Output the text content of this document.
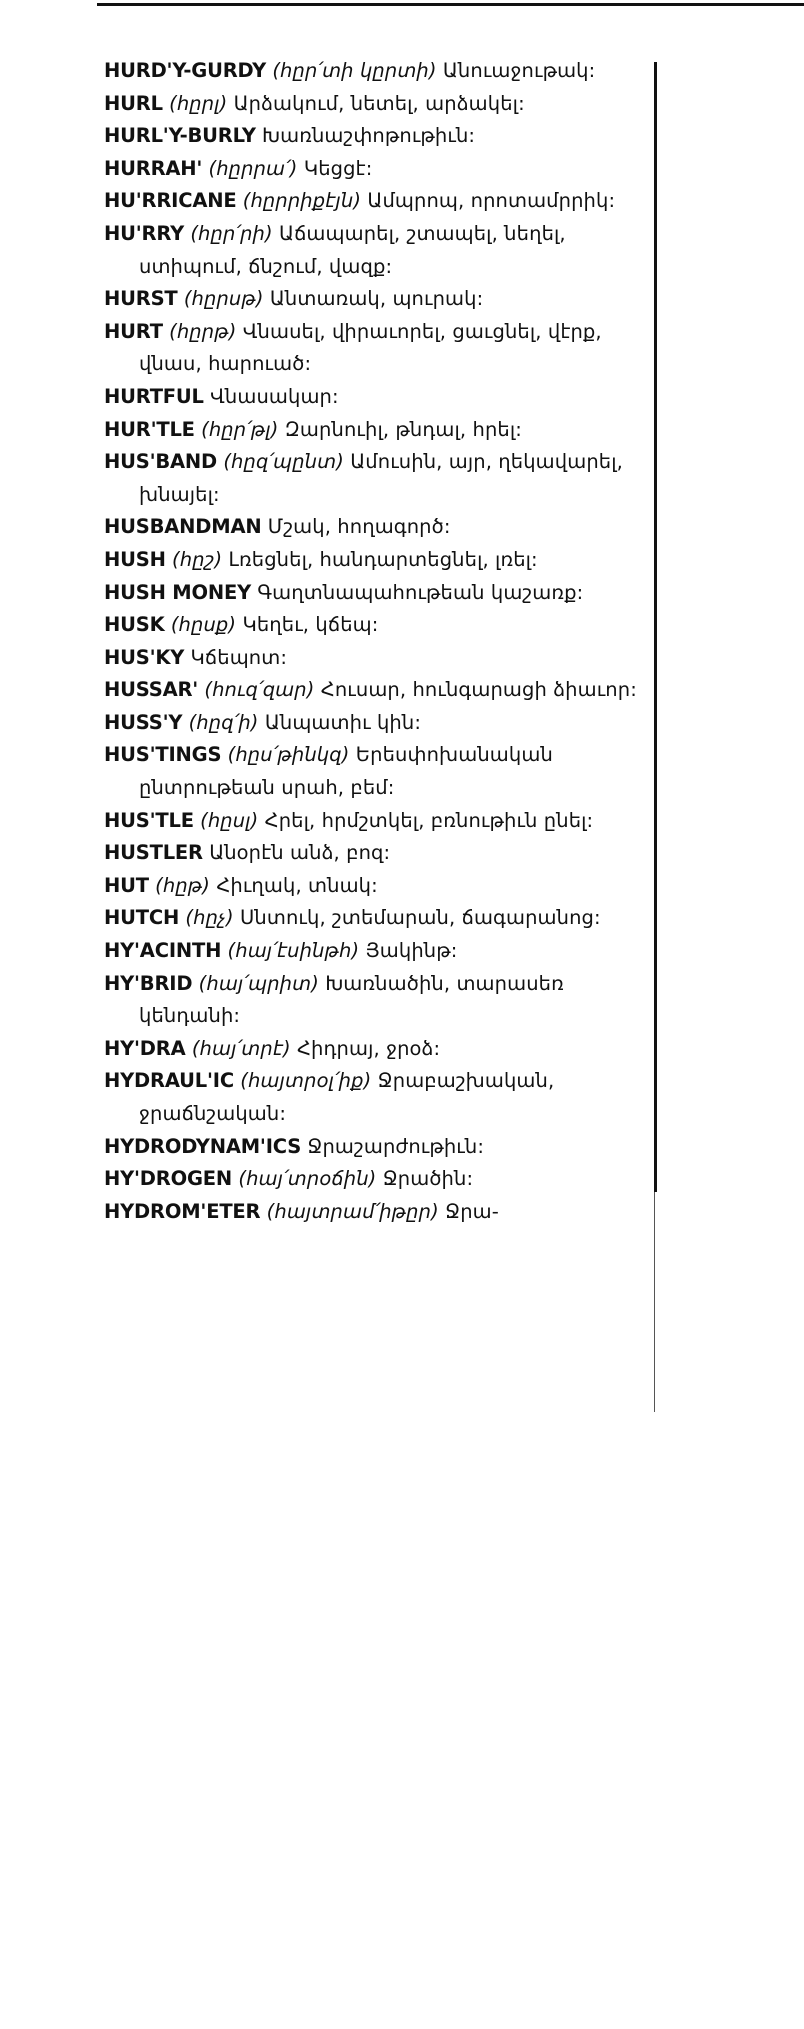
HURD'Y-GURDY (հըր՛տի կըրտի) Անուաջութակ:
HURL (հըրլ) Արձակում, նետել, արձակել:
HURL'Y-BURLY Խառնաշփոթութիւն:
HURRAH' (հըրրա՛) Կեցցէ:
HU'RRICANE (հըրրիքէյն) Ամպրոպ, որոտամրրիկ:
HU'RRY (հըր՛րի) Աճապարել, շտապել, նեղել, ստիպում, ճնշում, վազք:
HURST (հըրսթ) Անտառակ, պուրակ:
HURT (հըրթ) Վնասել, վիրաւորել, ցաւցնել, վէրք, վնաս, հարուած:
HURTFUL Վնասակար:
HUR'TLE (հըր՛թլ) Զարնուիլ, թնդալ, հրել:
HUS'BAND (հըզ՛պընտ) Ամուսին, այր, ղեկավարել, խնայել:
HUSBANDMAN Մշակ, հողագործ:
HUSH (հըշ) Լռեցնել, հանդարտեցնել, լռել:
HUSH MONEY Գաղտնապահութեան կաշառք:
HUSK (հըսք) Կեղեւ, կճեպ:
HUS'KY Կճեպոտ:
HUSSAR' (հուզ՛զար) Հուսար, հունգարացի ձիաւոր:
HUSS'Y (հըզ՛ի) Անպատիւ կին:
HUS'TINGS (հըս՛թինկզ) Երեսփոխանական ընտրութեան սրահ, բեմ:
HUS'TLE (հըսլ) Հրել, հրմշտկել, բռնութիւն ընել:
HUSTLER Անօրէն անձ, բոզ:
HUT (հըթ) Հիւղակ, տնակ:
HUTCH (հըչ) Սնտուկ, շտեմարան, ճագարանոց:
HY'ACINTH (հայ՛էսինթհ) Յակինթ:
HY'BRID (հայ՛պրիտ) Խառնածին, տարասեռ կենդանի:
HY'DRA (հայ՛տրէ) Հիդրայ, ջրօձ:
HYDRAUL'IC (հայտրօլ՛իք) Ջրաբաշխական, ջրաճնշական:
HYDRODYNAM'ICS Ջրաշարժութիւն:
HY'DROGEN (հայ՛տրօճին) Ջրածին:
HYDROM'ETER (հայտրամ՛իթըր) Ջրա-
